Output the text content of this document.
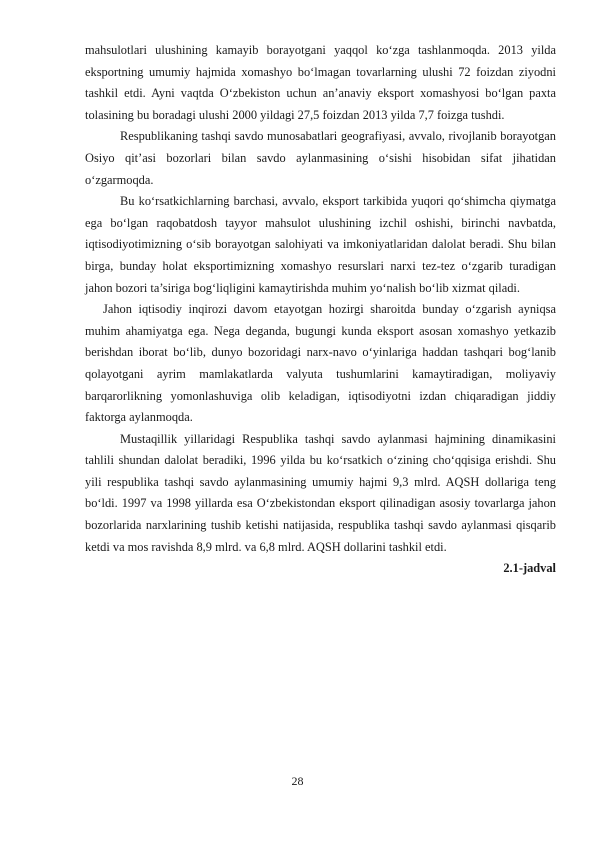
mahsulotlari ulushining kamayib borayotgani yaqqol ko‘zga tashlanmoqda. 2013 yilda eksportning umumiy hajmida xomashyo bo‘lmagan tovarlarning ulushi 72 foizdan ziyodni tashkil etdi. Ayni vaqtda O‘zbekiston uchun an’anaviy eksport xomashyosi bo‘lgan paxta tolasining bu boradagi ulushi 2000 yildagi 27,5 foizdan 2013 yilda 7,7 foizga tushdi.

Respublikaning tashqi savdo munosabatlari geografiyasi, avvalo, rivojlanib borayotgan Osiyo qit’asi bozorlari bilan savdo aylanmasining o‘sishi hisobidan sifat jihatidan o‘zgarmoqda.

Bu ko‘rsatkichlarning barchasi, avvalo, eksport tarkibida yuqori qo‘shimcha qiymatga ega bo‘lgan raqobatdosh tayyor mahsulot ulushining izchil oshishi, birinchi navbatda, iqtisodiyotimizning o‘sib borayotgan salohiyati va imkoniyatlaridan dalolat beradi. Shu bilan birga, bunday holat eksportimizning xomashyo resurslari narxi tez-tez o‘zgarib turadigan jahon bozori ta’siriga bog‘liqligini kamaytirishda muhim yo‘nalish bo‘lib xizmat qiladi.

Jahon iqtisodiy inqirozi davom etayotgan hozirgi sharoitda bunday o‘zgarish ayniqsa muhim ahamiyatga ega. Nega deganda, bugungi kunda eksport asosan xomashyo yetkazib berishdan iborat bo‘lib, dunyo bozoridagi narx-navo o‘yinlariga haddan tashqari bog‘lanib qolayotgani ayrim mamlakatlarda valyuta tushumlarini kamaytiradigan, moliyaviy barqarorlikning yomonlashuviga olib keladigan, iqtisodiyotni izdan chiqaradigan jiddiy faktorga aylanmoqda.

Mustaqillik yillaridagi Respublika tashqi savdo aylanmasi hajmining dinamikasini tahlili shundan dalolat beradiki, 1996 yilda bu ko‘rsatkich o‘zining cho‘qqisiga erishdi. Shu yili respublika tashqi savdo aylanmasining umumiy hajmi 9,3 mlrd. AQSH dollariga teng bo‘ldi. 1997 va 1998 yillarda esa O‘zbekistondan eksport qilinadigan asosiy tovarlarga jahon bozorlarida narxlarining tushib ketishi natijasida, respublika tashqi savdo aylanmasi qisqarib ketdi va mos ravishda 8,9 mlrd. va 6,8 mlrd. AQSH dollarini tashkil etdi.

2.1-jadval

28
